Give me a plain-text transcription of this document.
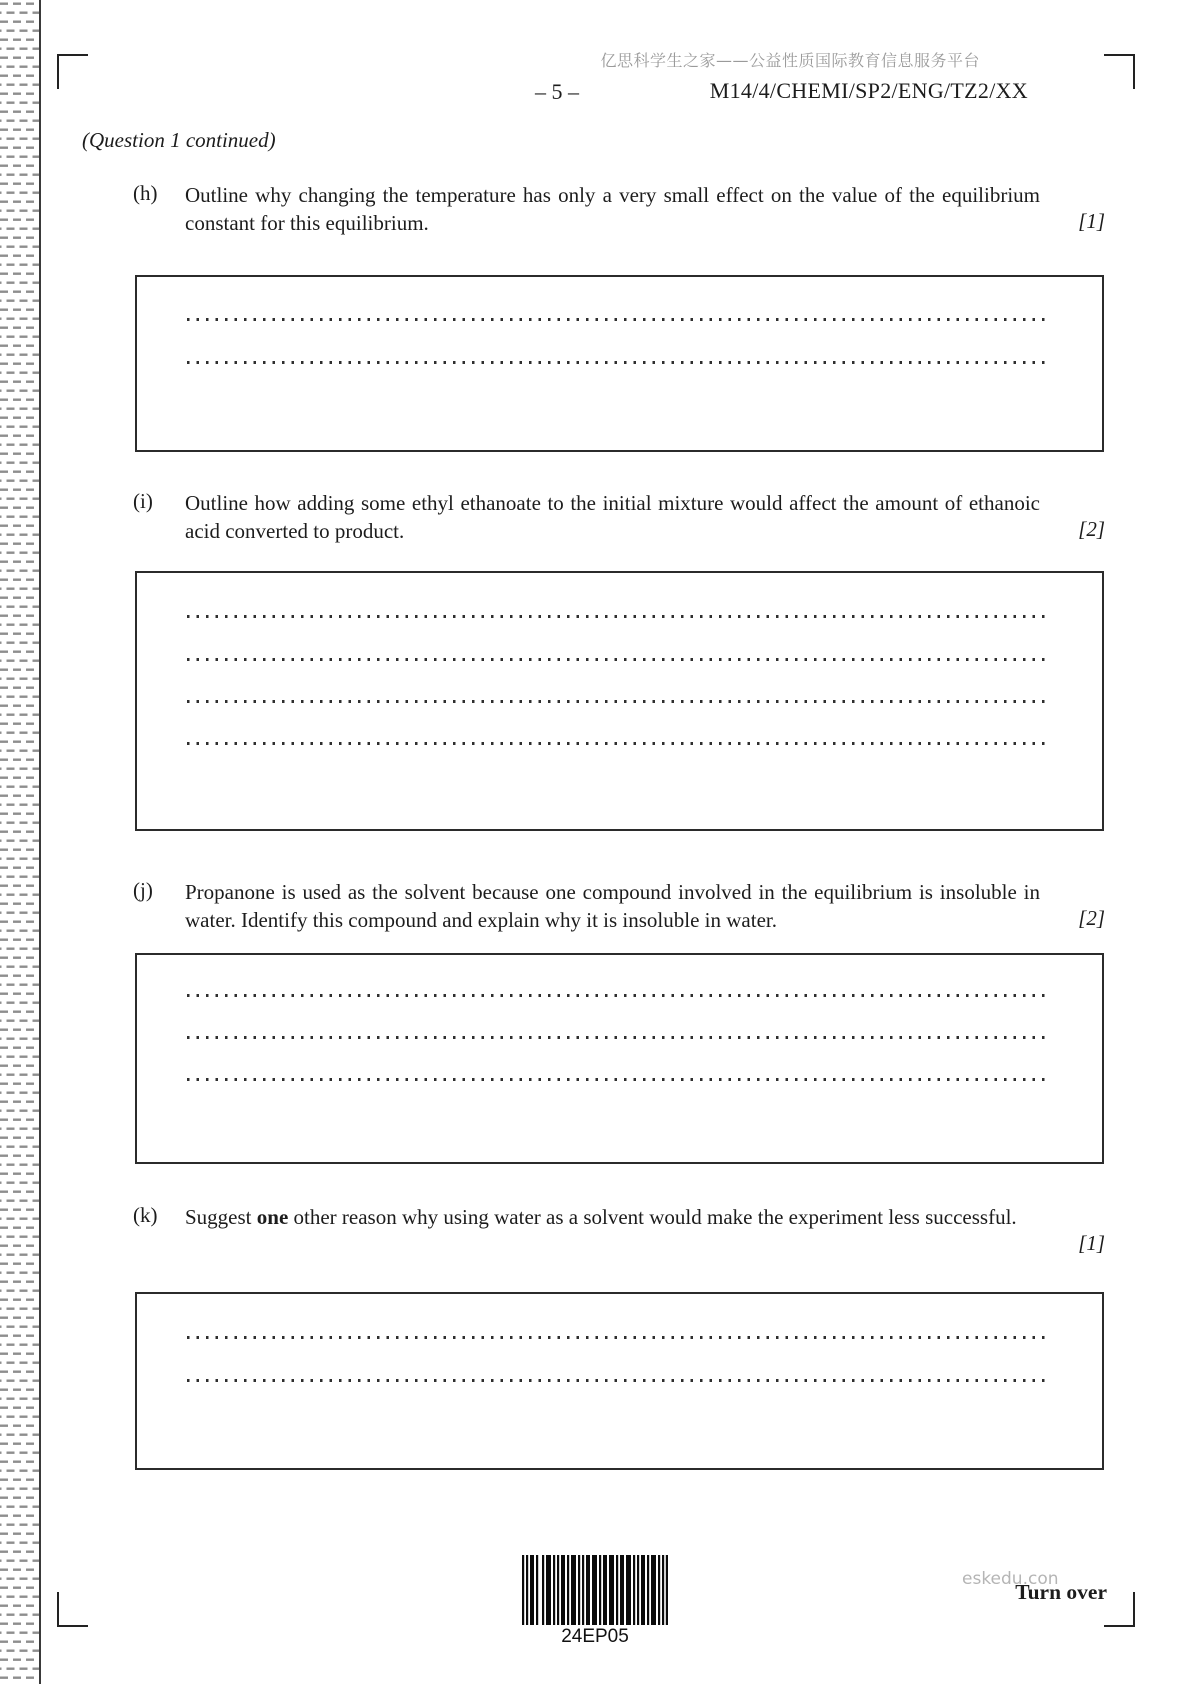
亿思科学生之家——公益性质国际教育信息服务平台
– 5 –	M14/4/CHEMI/SP2/ENG/TZ2/XX
(Question 1 continued)
(h) Outline why changing the temperature has only a very small effect on the value of the equilibrium constant for this equilibrium.	[1]
(i) Outline how adding some ethyl ethanoate to the initial mixture would affect the amount of ethanoic acid converted to product.	[2]
(j) Propanone is used as the solvent because one compound involved in the equilibrium is insoluble in water. Identify this compound and explain why it is insoluble in water.	[2]
(k) Suggest one other reason why using water as a solvent would make the experiment less successful.
[1]
24EP05
eskedu.con
Turn over
